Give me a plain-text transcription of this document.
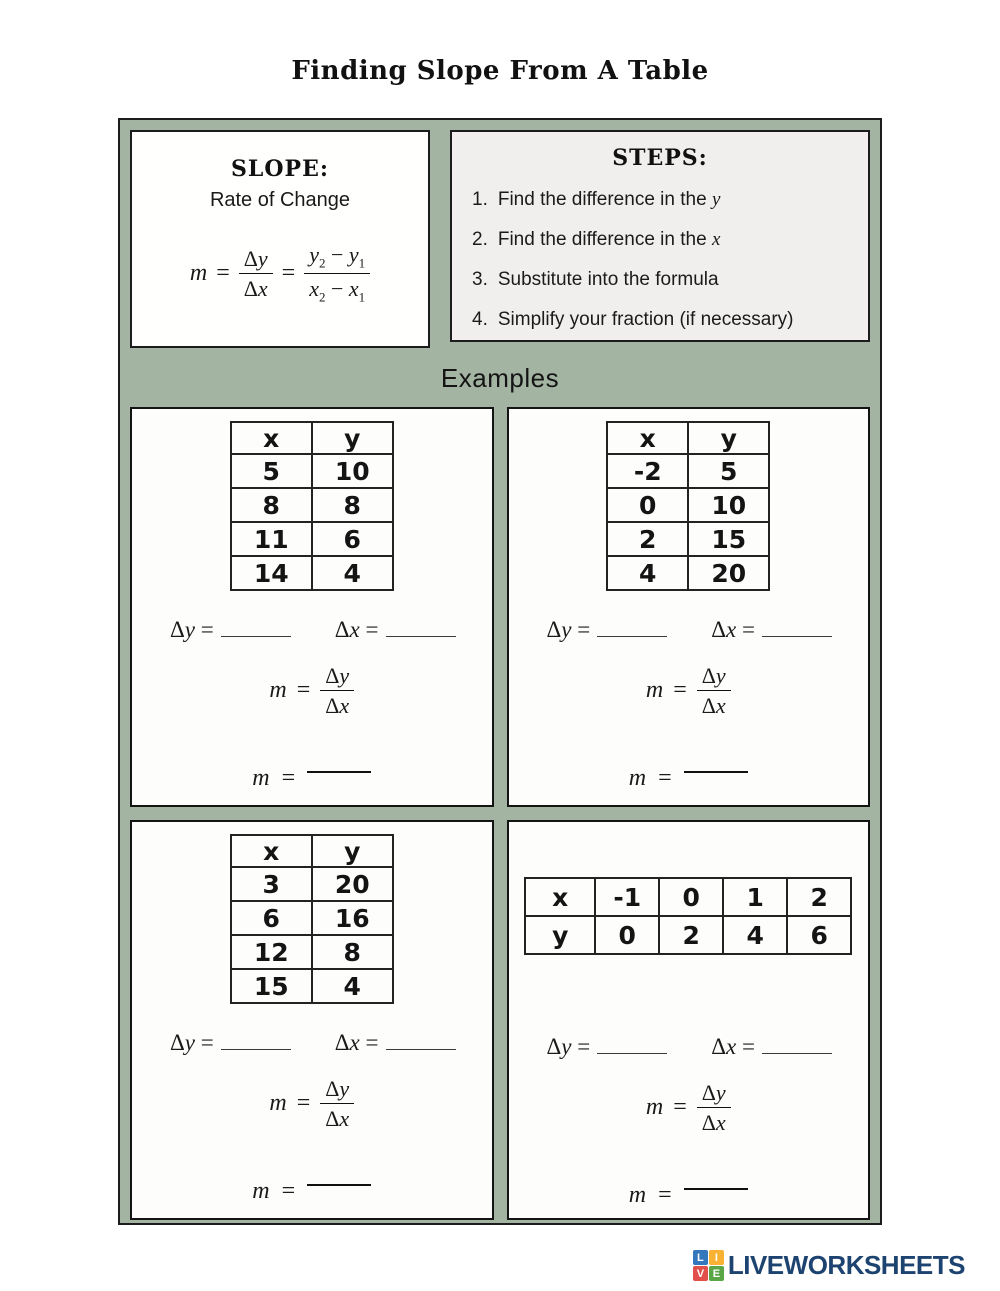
Finding Slope From A Table
SLOPE:
Rate of Change
$m = \frac{\Delta y}{\Delta x} = \frac{y_2 - y_1}{x_2 - x_1}$
STEPS:
1. Find the difference in the y
2. Find the difference in the x
3. Substitute into the formula
4. Simplify your fraction (if necessary)
Examples
x	y
5	10
8	8
11	6
14	4
Δy =	Δx =
$m = \frac{\Delta y}{\Delta x}$
m =
x	y
-2	5
0	10
2	15
4	20
Δy =	Δx =
$m = \frac{\Delta y}{\Delta x}$
m =
x	y
3	20
6	16
12	8
15	4
Δy =	Δx =
$m = \frac{\Delta y}{\Delta x}$
m =
x	-1	0	1	2
y	0	2	4	6
Δy =	Δx =
$m = \frac{\Delta y}{\Delta x}$
m =
L	I
V E LIVEWORKSHEETS
